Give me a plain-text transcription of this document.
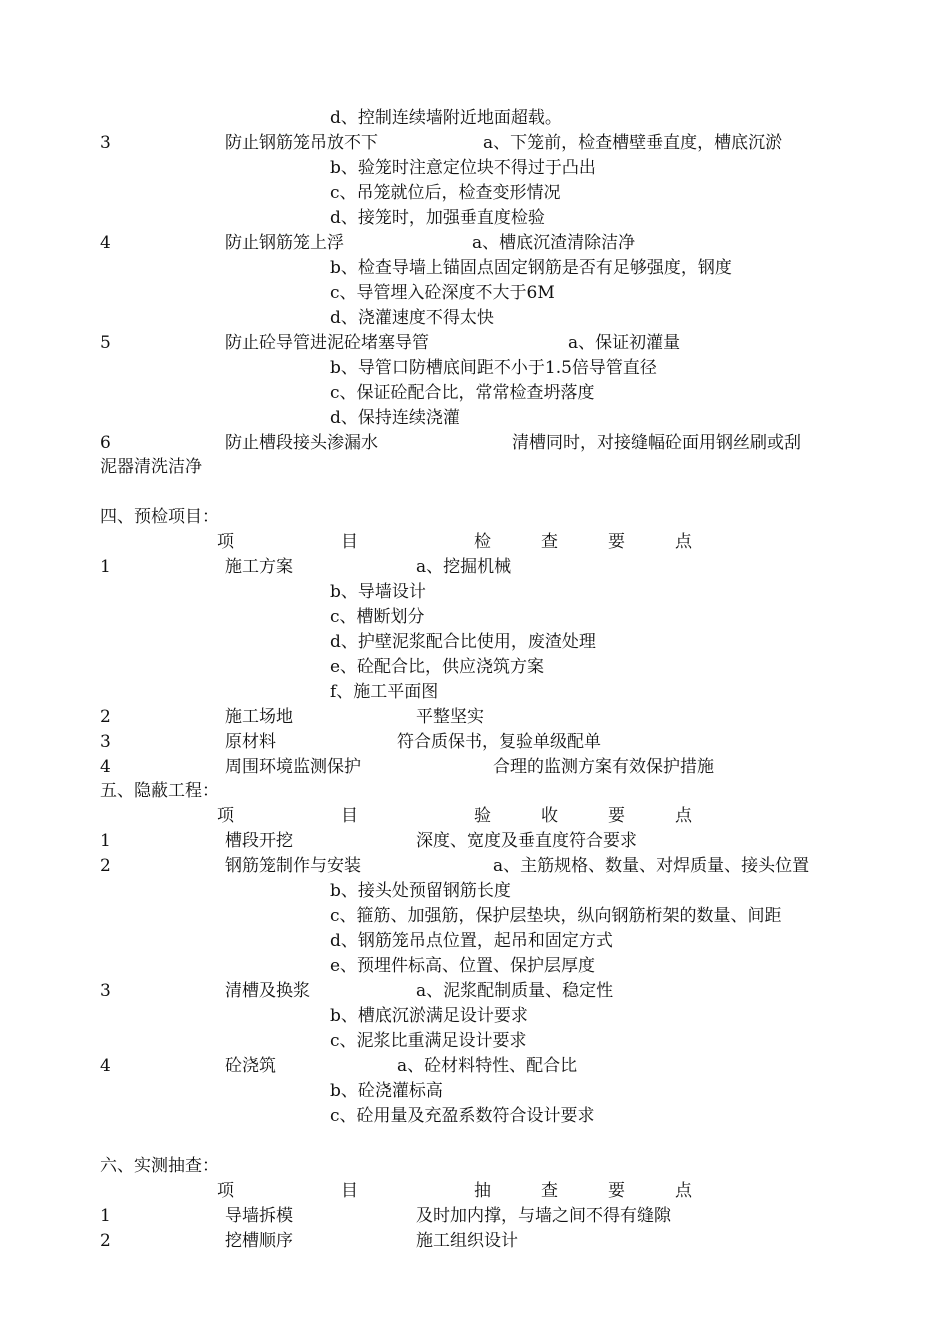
d、控制连续墙附近地面超载。
3	防止钢筋笼吊放不下	a、下笼前，检查槽壁垂直度，槽底沉淤
b、验笼时注意定位块不得过于凸出
c、吊笼就位后，检查变形情况
d、接笼时，加强垂直度检验
4	防止钢筋笼上浮	a、槽底沉渣清除洁净
b、检查导墙上锚固点固定钢筋是否有足够强度，钢度
c、导管埋入砼深度不大于6M
d、浇灌速度不得太快
5	防止砼导管进泥砼堵塞导管	a、保证初灌量
b、导管口防槽底间距不小于1.5倍导管直径
c、保证砼配合比，常常检查坍落度
d、保持连续浇灌
6	防止槽段接头渗漏水	清槽同时，对接缝幅砼面用钢丝刷或刮
泥器清洗洁净
四、预检项目：
项	目	检	查	要	点
1	施工方案	a、挖掘机械
b、导墙设计
c、槽断划分
d、护壁泥浆配合比使用，废渣处理
e、砼配合比，供应浇筑方案
f、施工平面图
2	施工场地	平整坚实
3	原材料	符合质保书，复验单级配单
4	周围环境监测保护	合理的监测方案有效保护措施
五、隐蔽工程：
项	目	验	收	要	点
1	槽段开挖	深度、宽度及垂直度符合要求
2	钢筋笼制作与安装	a、主筋规格、数量、对焊质量、接头位置
b、接头处预留钢筋长度
c、箍筋、加强筋，保护层垫块，纵向钢筋桁架的数量、间距
d、钢筋笼吊点位置，起吊和固定方式
e、预埋件标高、位置、保护层厚度
3	清槽及换浆	a、泥浆配制质量、稳定性
b、槽底沉淤满足设计要求
c、泥浆比重满足设计要求
4	砼浇筑	a、砼材料特性、配合比
b、砼浇灌标高
c、砼用量及充盈系数符合设计要求
六、实测抽查：
项	目	抽	查	要	点
1	导墙拆模	及时加内撑，与墙之间不得有缝隙
2	挖槽顺序	施工组织设计
